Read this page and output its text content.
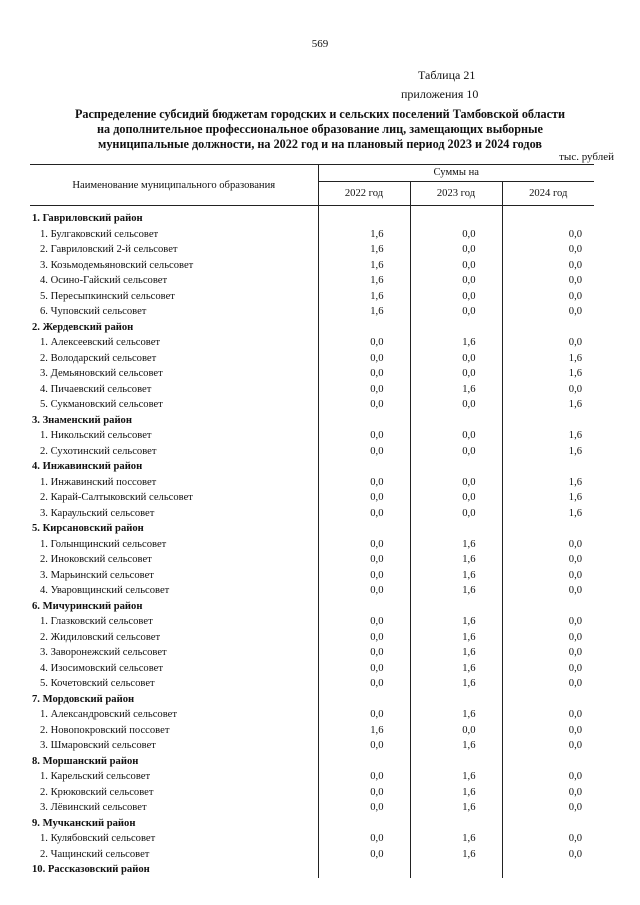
569
Таблица 21
приложения 10
Распределение субсидий бюджетам городских и сельских поселений Тамбовской области
на дополнительное профессиональное образование лиц, замещающих выборные
муниципальные должности, на 2022 год и на плановый период 2023 и 2024 годов
тыс. рублей
Наименование муниципального образования	Суммы на		
	2022 год	2023 год	2024 год

1. Гавриловский район			
1. Булгаковский сельсовет	1,6	0,0	0,0
2. Гавриловский 2-й сельсовет	1,6	0,0	0,0
3. Козьмодемьяновский сельсовет	1,6	0,0	0,0
4. Осино-Гайский сельсовет	1,6	0,0	0,0
5. Пересыпкинский сельсовет	1,6	0,0	0,0
6. Чуповский сельсовет	1,6	0,0	0,0
2. Жердевский район			
1. Алексеевский сельсовет	0,0	1,6	0,0
2. Володарский сельсовет	0,0	0,0	1,6
3. Демьяновский сельсовет	0,0	0,0	1,6
4. Пичаевский сельсовет	0,0	1,6	0,0
5. Сукмановский сельсовет	0,0	0,0	1,6
3. Знаменский район			
1. Никольский сельсовет	0,0	0,0	1,6
2. Сухотинский сельсовет	0,0	0,0	1,6
4. Инжавинский район			
1. Инжавинский поссовет	0,0	0,0	1,6
2. Карай-Салтыковский сельсовет	0,0	0,0	1,6
3. Караульский сельсовет	0,0	0,0	1,6
5. Кирсановский район			
1. Голынщинский сельсовет	0,0	1,6	0,0
2. Иноковский сельсовет	0,0	1,6	0,0
3. Марьинский сельсовет	0,0	1,6	0,0
4. Уваровщинский сельсовет	0,0	1,6	0,0
6. Мичуринский район			
1. Глазковский сельсовет	0,0	1,6	0,0
2. Жидиловский сельсовет	0,0	1,6	0,0
3. Заворонежский сельсовет	0,0	1,6	0,0
4. Изосимовский сельсовет	0,0	1,6	0,0
5. Кочетовский сельсовет	0,0	1,6	0,0
7. Мордовский район			
1. Александровский сельсовет	0,0	1,6	0,0
2. Новопокровский поссовет	1,6	0,0	0,0
3. Шмаровский сельсовет	0,0	1,6	0,0
8. Моршанский район			
1. Карельский сельсовет	0,0	1,6	0,0
2. Крюковский сельсовет	0,0	1,6	0,0
3. Лёвинский сельсовет	0,0	1,6	0,0
9. Мучканский район			
1. Кулябовский сельсовет	0,0	1,6	0,0
2. Чащинский сельсовет	0,0	1,6	0,0
10. Рассказовский район			
